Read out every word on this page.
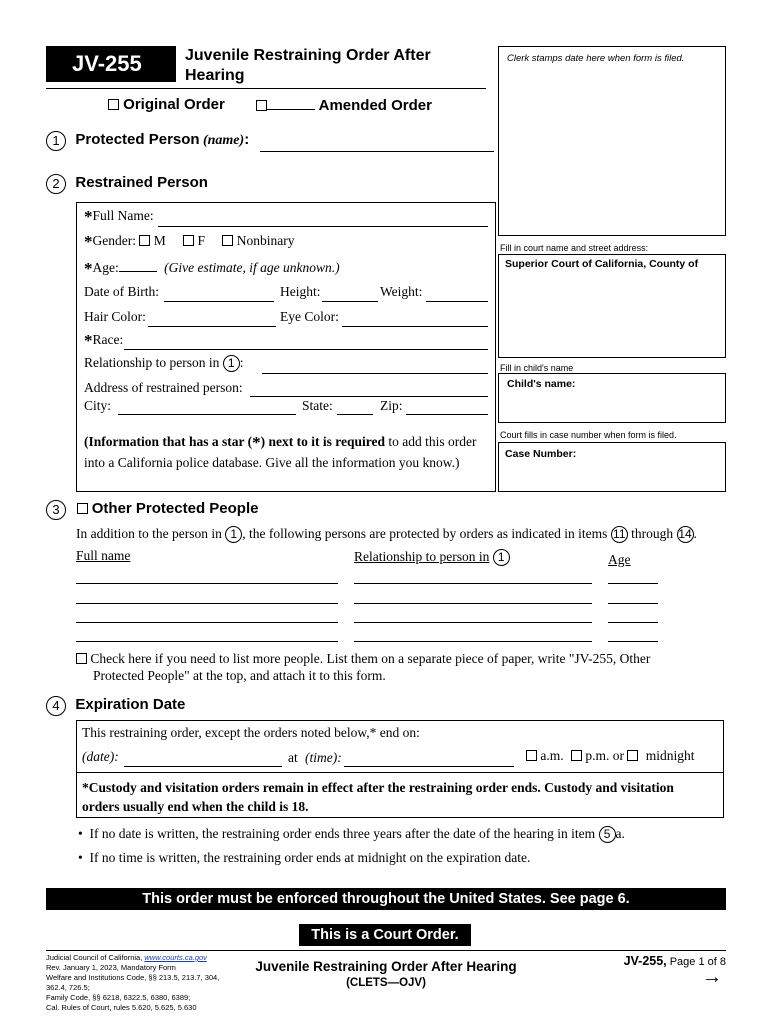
JV-255	Juvenile Restraining Order After
Hearing
Original Order	Amended Order
Clerk stamps date here when form is filed.
Fill in court name and street address:
Superior Court of California, County of
Fill in child's name
Child's name:
Court fills in case number when form is filed.
Case Number:
1 Protected Person (name):
2 Restrained Person
*Full Name:
*Gender:  M F Nonbinary
*Age:	(Give estimate, if age unknown.)
Date of Birth:	Height:	Weight:
Hair Color:	Eye Color:
*Race:
Relationship to person in 1 :
Address of restrained person:
City:	State:	Zip:
(Information that has a star (*) next to it is required to add this order
into a California police database. Give all the information you know.)
3 Other Protected People
In addition to the person in 1 , the following persons are protected by orders as indicated in items 11 through 14 .
Full name	Relationship to person in 1	Age
Check here if you need to list more people. List them on a separate piece of paper, write "JV-255, Other
Protected People" at the top, and attach it to this form.
4 Expiration Date
This restraining order, except the orders noted below,* end on:
(date):	at (time):	a.m. p.m. or midnight
*Custody and visitation orders remain in effect after the restraining order ends. Custody and visitation
orders usually end when the child is 18.
• If no date is written, the restraining order ends three years after the date of the hearing in item 5 a.
• If no time is written, the restraining order ends at midnight on the expiration date.
This order must be enforced throughout the United States. See page 6.
This is a Court Order.
Judicial Council of California, www.courts.ca.gov
Rev. January 1, 2023, Mandatory Form
Welfare and Institutions Code, §§ 213.5, 213.7, 304,
362.4, 726.5;
Family Code, §§ 6218, 6322.5, 6380, 6389;
Cal. Rules of Court, rules 5.620, 5.625, 5.630
Juvenile Restraining Order After Hearing
(CLETS—OJV)
JV-255, Page 1 of 8
→
